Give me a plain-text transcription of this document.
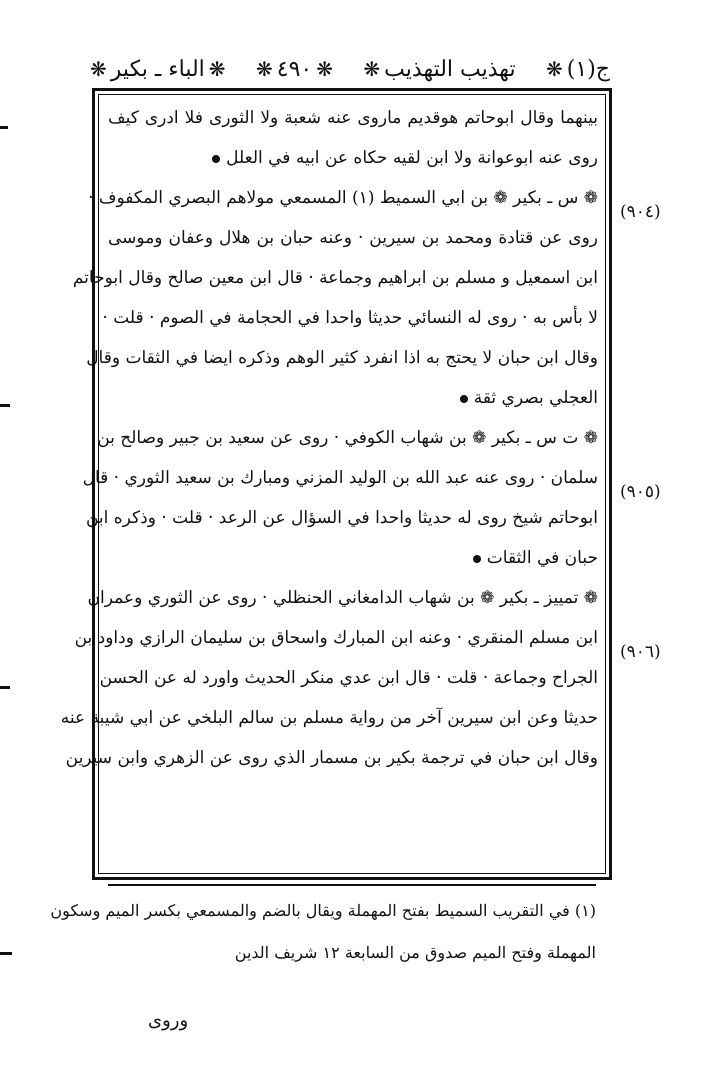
ج(١)
❋
تهذيب التهذيب
❋
❋
٤٩٠
❋
❋
الباء ـ بكير
❋
بينهما وقال ابوحاتم هوقديم ماروى عنه شعبة ولا الثورى فلا ادرى كيف
روى عنه ابوعوانة ولا ابن لقيه حكاه عن ابيه في العلل
❁ س ـ بكير ❁ بن ابي السميط (١) المسمعي مولاهم البصري المكفوف ·
روى عن قتادة ومحمد بن سيرين · وعنه حبان بن هلال وعفان وموسى
ابن اسمعيل و مسلم بن ابراهيم وجماعة · قال ابن معين صالح وقال ابوحاتم
لا بأس به · روى له النسائي حديثا واحدا في الحجامة في الصوم · قلت ·
وقال ابن حبان لا يحتج به اذا انفرد كثير الوهم وذكره ايضا في الثقات وقال
العجلي بصري ثقة
❁ ت س ـ بكير ❁ بن شهاب الكوفي · روى عن سعيد بن جبير وصالح بن
سلمان · روى عنه عبد الله بن الوليد المزني ومبارك بن سعيد الثوري · قال
ابوحاتم شيخ روى له حديثا واحدا في السؤال عن الرعد · قلت · وذكره ابن
حبان في الثقات
❁ تمييز ـ بكير ❁ بن شهاب الدامغاني الحنظلي · روى عن الثوري وعمران
ابن مسلم المنقري · وعنه ابن المبارك واسحاق بن سليمان الرازي وداود بن
الجراح وجماعة · قلت · قال ابن عدي منكر الحديث واورد له عن الحسن
حديثا وعن ابن سيرين آخر من رواية مسلم بن سالم البلخي عن ابي شيبة عنه
وقال ابن حبان في ترجمة بكير بن مسمار الذي روى عن الزهري وابن سيرين
(٩٠٤)
(٩٠٥)
(٩٠٦)
(١) في التقريب السميط بفتح المهملة ويقال بالضم والمسمعي بكسر الميم وسكون
المهملة وفتح الميم صدوق من السابعة ١٢ شريف الدين
وروى
